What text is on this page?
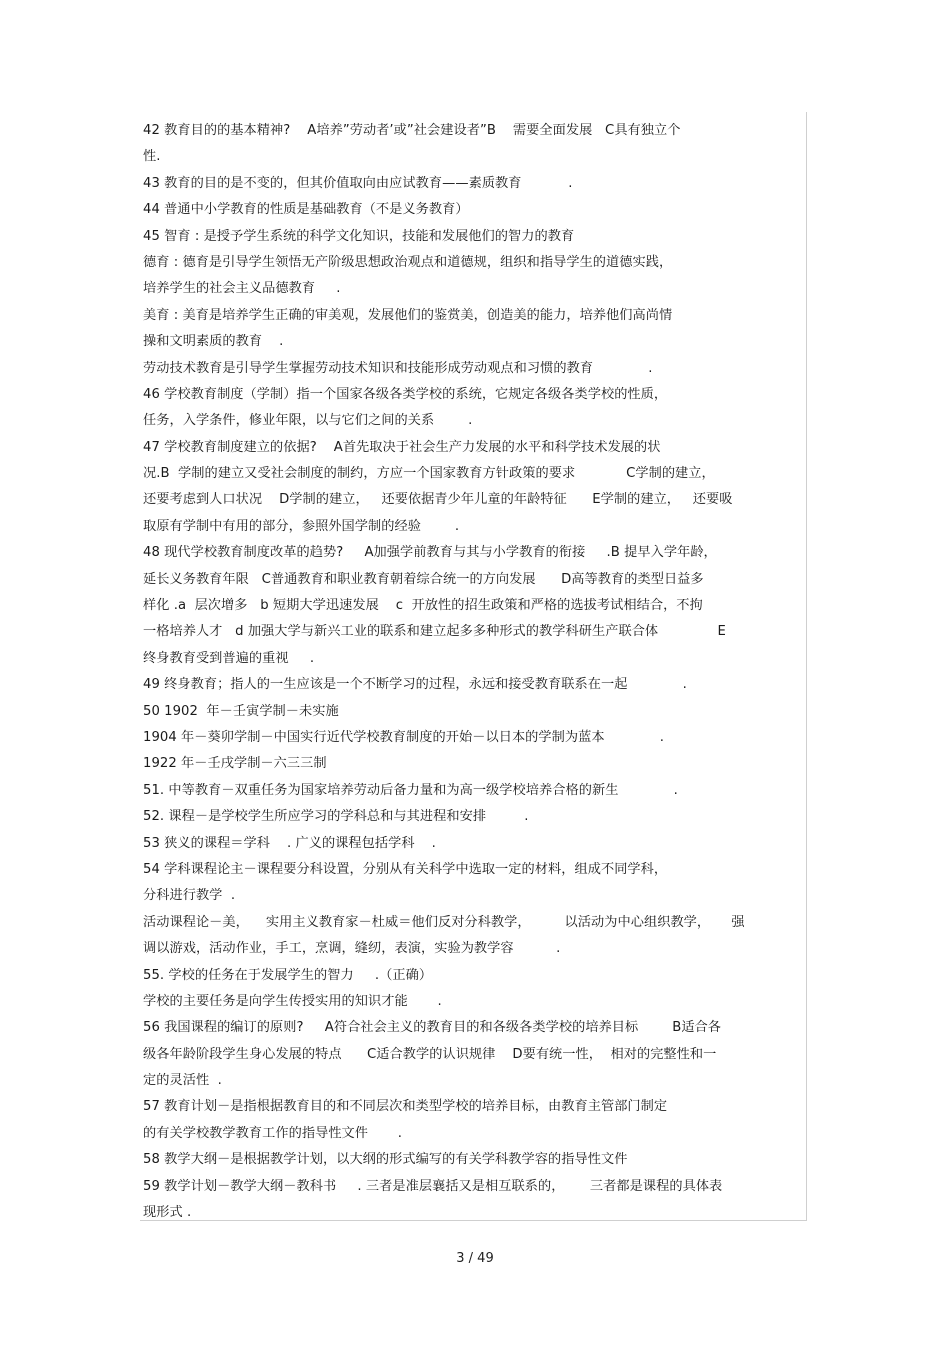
42 教育目的的基本精神?    A培养”劳动者’或”社会建设者”B    需要全面发展   C具有独立个
性.
43 教育的目的是不变的，但其价值取向由应试教育——素质教育           .
44 普通中小学教育的性质是基础教育（不是义务教育）
45 智育 : 是授予学生系统的科学文化知识，技能和发展他们的智力的教育
德育 : 德育是引导学生领悟无产阶级思想政治观点和道德规，组织和指导学生的道德实践，
培养学生的社会主义品德教育     .
美育 : 美育是培养学生正确的审美观，发展他们的鉴赏美，创造美的能力，培养他们高尚情
操和文明素质的教育    .
劳动技术教育是引导学生掌握劳动技术知识和技能形成劳动观点和习惯的教育             .
46 学校教育制度（学制）指一个国家各级各类学校的系统，它规定各级各类学校的性质，
任务，入学条件，修业年限，以与它们之间的关系        .
47 学校教育制度建立的依据?    A首先取决于社会生产力发展的水平和科学技术发展的状
况.B  学制的建立又受社会制度的制约，方应一个国家教育方针政策的要求            C学制的建立，
还要考虑到人口状况    D学制的建立，   还要依据青少年儿童的年龄特征      E学制的建立，   还要吸
取原有学制中有用的部分，参照外国学制的经验        .
48 现代学校教育制度改革的趋势?     A加强学前教育与其与小学教育的衔接     .B 提早入学年龄，
延长义务教育年限   C普通教育和职业教育朝着综合统一的方向发展      D高等教育的类型日益多
样化 .a  层次增多   b 短期大学迅速发展    c  开放性的招生政策和严格的选拔考试相结合，不拘
一格培养人才   d 加强大学与新兴工业的联系和建立起多多种形式的教学科研生产联合体              E
终身教育受到普遍的重视     .
49 终身教育；指人的一生应该是一个不断学习的过程，永远和接受教育联系在一起             .
50 1902  年－壬寅学制－未实施
1904 年－葵卯学制－中国实行近代学校教育制度的开始－以日本的学制为蓝本             .
1922 年－壬戌学制－六三三制
51. 中等教育－双重任务为国家培养劳动后备力量和为高一级学校培养合格的新生             .
52. 课程－是学校学生所应学习的学科总和与其进程和安排         .
53 狭义的课程＝学科    . 广义的课程包括学科    .
54 学科课程论主－课程要分科设置，分别从有关科学中选取一定的材料，组成不同学科，
分科进行教学  .
活动课程论－美，    实用主义教育家－杜威＝他们反对分科教学，        以活动为中心组织教学，     强
调以游戏，活动作业，手工，烹调，缝纫，表演，实验为教学容          .
55. 学校的任务在于发展学生的智力     .（正确）
学校的主要任务是向学生传授实用的知识才能       .
56 我国课程的编订的原则?     A符合社会主义的教育目的和各级各类学校的培养目标        B适合各
级各年龄阶段学生身心发展的特点      C适合教学的认识规律    D要有统一性，  相对的完整性和一
定的灵活性  .
57 教育计划－是指根据教育目的和不同层次和类型学校的培养目标，由教育主管部门制定
的有关学校教学教育工作的指导性文件       .
58 教学大纲－是根据教学计划，以大纲的形式编写的有关学科教学容的指导性文件
59 教学计划－教学大纲－教科书     . 三者是准层襄括又是相互联系的，      三者都是课程的具体表
现形式 .
3 / 49
